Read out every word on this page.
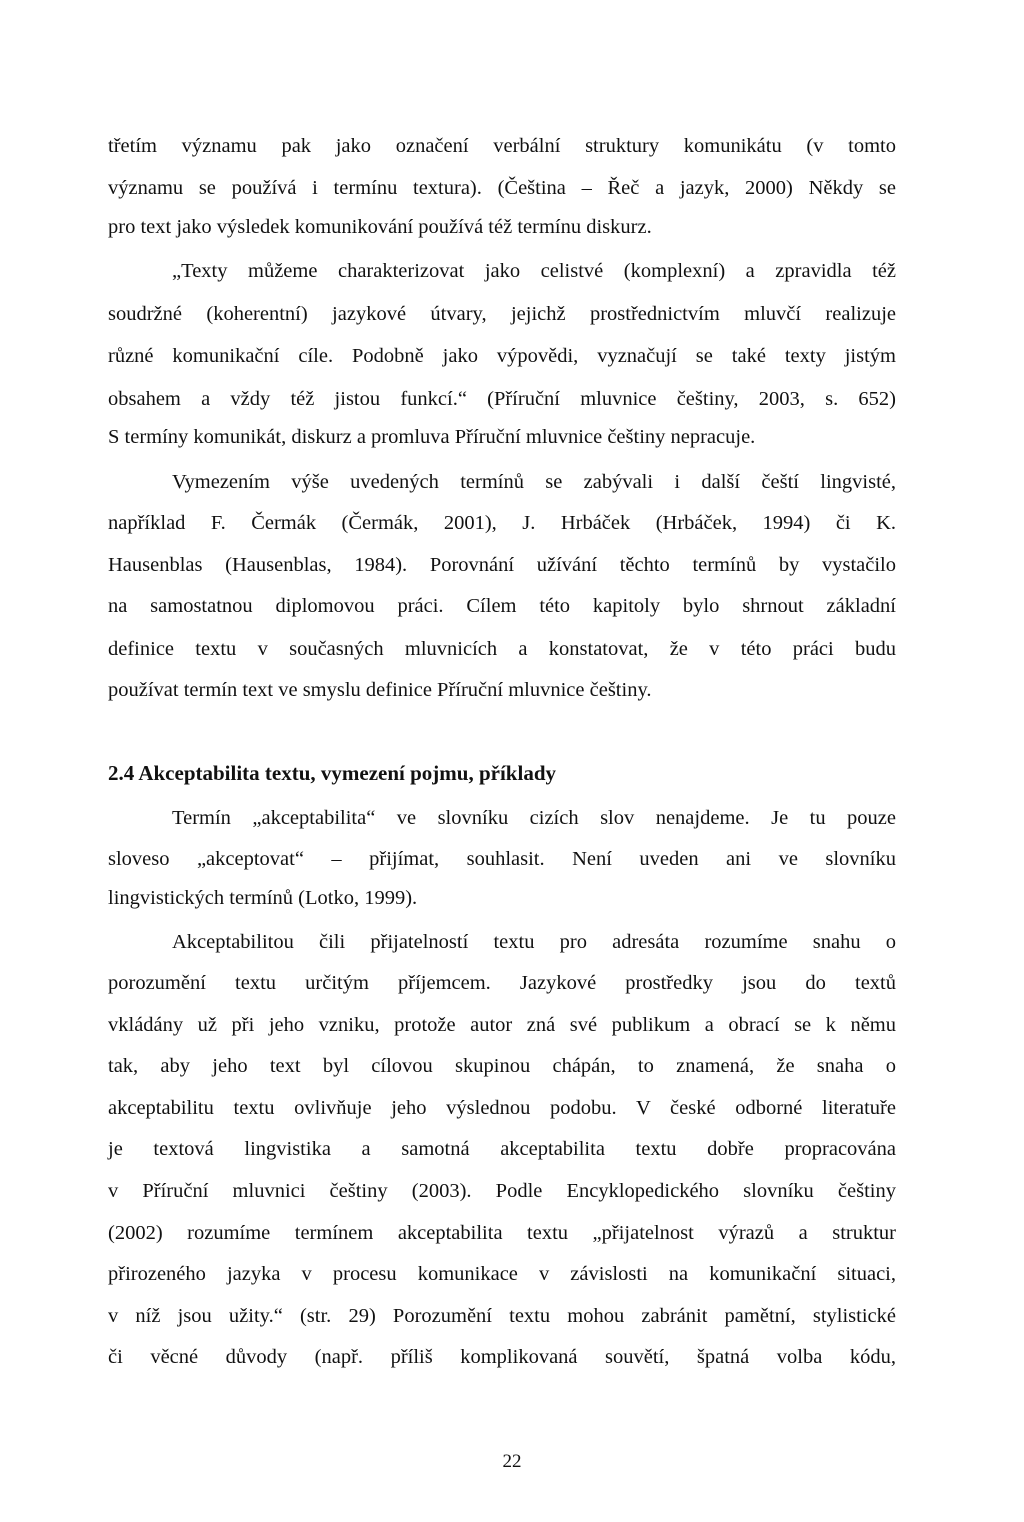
třetím významu pak jako označení verbální struktury komunikátu (v tomto
významu se používá i termínu textura). (Čeština – Řeč a jazyk, 2000) Někdy se
pro text jako výsledek komunikování používá též termínu diskurz.
„Texty můžeme charakterizovat jako celistvé (komplexní) a zpravidla též
soudržné (koherentní) jazykové útvary, jejichž prostřednictvím mluvčí realizuje
různé komunikační cíle. Podobně jako výpovědi, vyznačují se také texty jistým
obsahem a vždy též jistou funkcí.“ (Příruční mluvnice češtiny, 2003, s. 652)
S termíny komunikát, diskurz a promluva Příruční mluvnice češtiny nepracuje.
Vymezením výše uvedených termínů se zabývali i další čeští lingvisté,
například F. Čermák (Čermák, 2001), J. Hrbáček (Hrbáček, 1994) či K.
Hausenblas (Hausenblas, 1984). Porovnání užívání těchto termínů by vystačilo
na samostatnou diplomovou práci. Cílem této kapitoly bylo shrnout základní
definice textu v současných mluvnicích a konstatovat, že v této práci budu
používat termín text ve smyslu definice Příruční mluvnice češtiny.
2.4 Akceptabilita textu, vymezení pojmu, příklady
Termín „akceptabilita“ ve slovníku cizích slov nenajdeme. Je tu pouze
sloveso „akceptovat“ – přijímat, souhlasit. Není uveden ani ve slovníku
lingvistických termínů (Lotko, 1999).
Akceptabilitou čili přijatelností textu pro adresáta rozumíme snahu o
porozumění textu určitým příjemcem. Jazykové prostředky jsou do textů
vkládány už při jeho vzniku, protože autor zná své publikum a obrací se k němu
tak, aby jeho text byl cílovou skupinou chápán, to znamená, že snaha o
akceptabilitu textu ovlivňuje jeho výslednou podobu. V české odborné literatuře
je textová lingvistika a samotná akceptabilita textu dobře propracována
v Příruční mluvnici češtiny (2003). Podle Encyklopedického slovníku češtiny
(2002) rozumíme termínem akceptabilita textu „přijatelnost výrazů a struktur
přirozeného jazyka v procesu komunikace v závislosti na komunikační situaci,
v níž jsou užity.“ (str. 29) Porozumění textu mohou zabránit pamětní, stylistické
či věcné důvody (např. příliš komplikovaná souvětí, špatná volba kódu,
22
